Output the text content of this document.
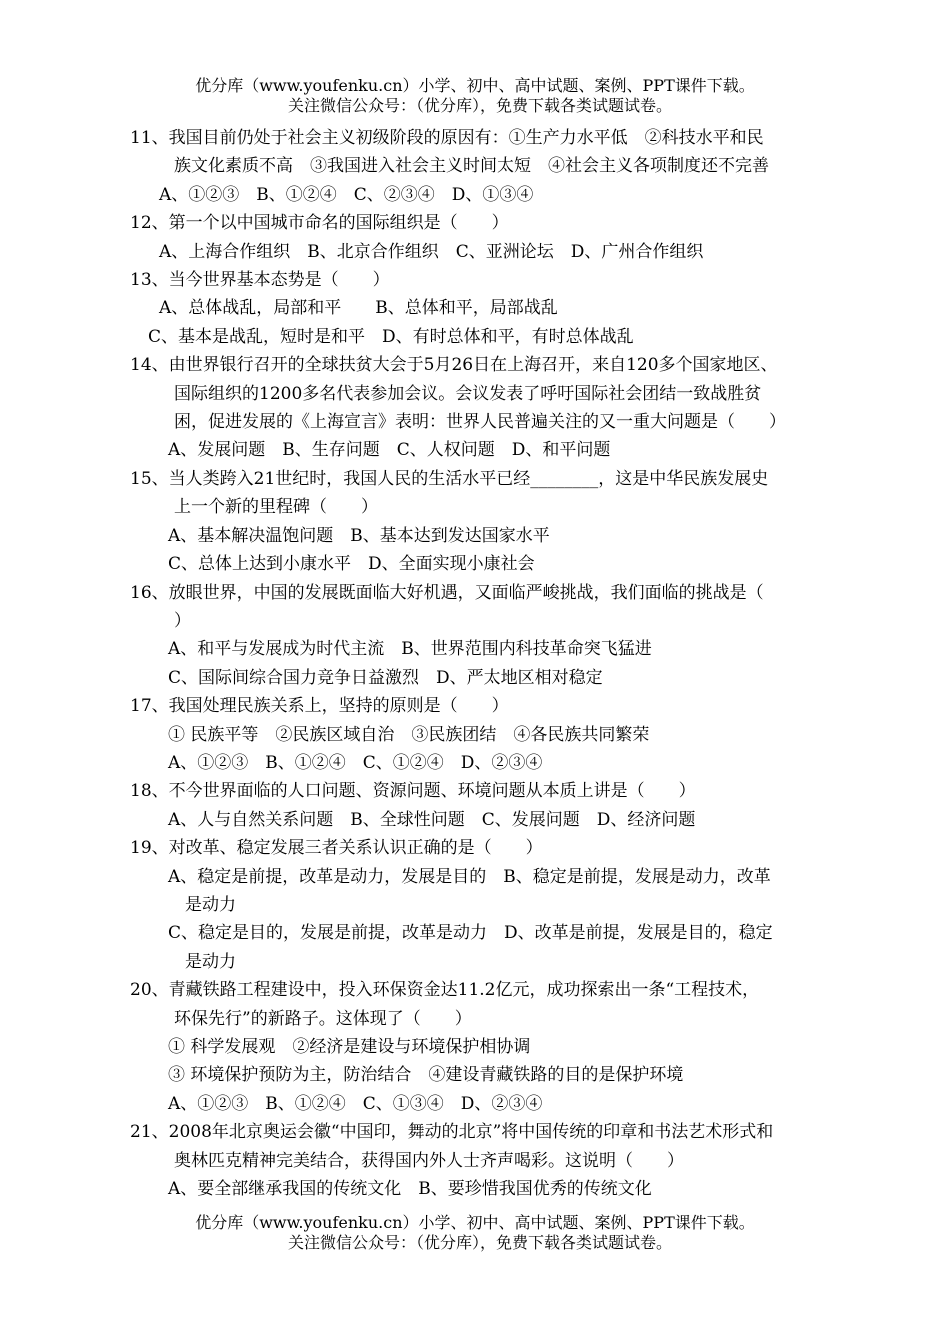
优分库（www.youfenku.cn）小学、初中、高中试题、案例、PPT课件下载。
关注微信公众号：（优分库），免费下载各类试题试卷。
11、我国目前仍处于社会主义初级阶段的原因有：①生产力水平低　②科技水平和民
族文化素质不高　③我国进入社会主义时间太短　④社会主义各项制度还不完善
A、①②③　B、①②④　C、②③④　D、①③④
12、第一个以中国城市命名的国际组织是（　　）
A、上海合作组织　B、北京合作组织　C、亚洲论坛　D、广州合作组织
13、当今世界基本态势是（　　）
A、总体战乱，局部和平　　B、总体和平，局部战乱
C、基本是战乱，短时是和平　D、有时总体和平，有时总体战乱
14、由世界银行召开的全球扶贫大会于5月26日在上海召开，来自120多个国家地区、
国际组织的1200多名代表参加会议。会议发表了呼吁国际社会团结一致战胜贫
困，促进发展的《上海宣言》表明：世界人民普遍关注的又一重大问题是（　　）
A、发展问题　B、生存问题　C、人权问题　D、和平问题
15、当人类跨入21世纪时，我国人民的生活水平已经________，这是中华民族发展史
上一个新的里程碑（　　）
A、基本解决温饱问题　B、基本达到发达国家水平
C、总体上达到小康水平　D、全面实现小康社会
16、放眼世界，中国的发展既面临大好机遇，又面临严峻挑战，我们面临的挑战是（
）
A、和平与发展成为时代主流　B、世界范围内科技革命突飞猛进
C、国际间综合国力竞争日益激烈　D、严太地区相对稳定
17、我国处理民族关系上，坚持的原则是（　　）
① 民族平等　②民族区域自治　③民族团结　④各民族共同繁荣
A、①②③　B、①②④　C、①②④　D、②③④
18、不今世界面临的人口问题、资源问题、环境问题从本质上讲是（　　）
A、人与自然关系问题　B、全球性问题　C、发展问题　D、经济问题
19、对改革、稳定发展三者关系认识正确的是（　　）
A、稳定是前提，改革是动力，发展是目的　B、稳定是前提，发展是动力，改革
　是动力
C、稳定是目的，发展是前提，改革是动力　D、改革是前提，发展是目的，稳定
　是动力
20、青藏铁路工程建设中，投入环保资金达11.2亿元，成功探索出一条“工程技术，
环保先行”的新路子。这体现了（　　）
① 科学发展观　②经济是建设与环境保护相协调
③ 环境保护预防为主，防治结合　④建设青藏铁路的目的是保护环境
A、①②③　B、①②④　C、①③④　D、②③④
21、2008年北京奥运会徽“中国印，舞动的北京”将中国传统的印章和书法艺术形式和
奥林匹克精神完美结合，获得国内外人士齐声喝彩。这说明（　　）
A、要全部继承我国的传统文化　B、要珍惜我国优秀的传统文化
优分库（www.youfenku.cn）小学、初中、高中试题、案例、PPT课件下载。
关注微信公众号：（优分库），免费下载各类试题试卷。
